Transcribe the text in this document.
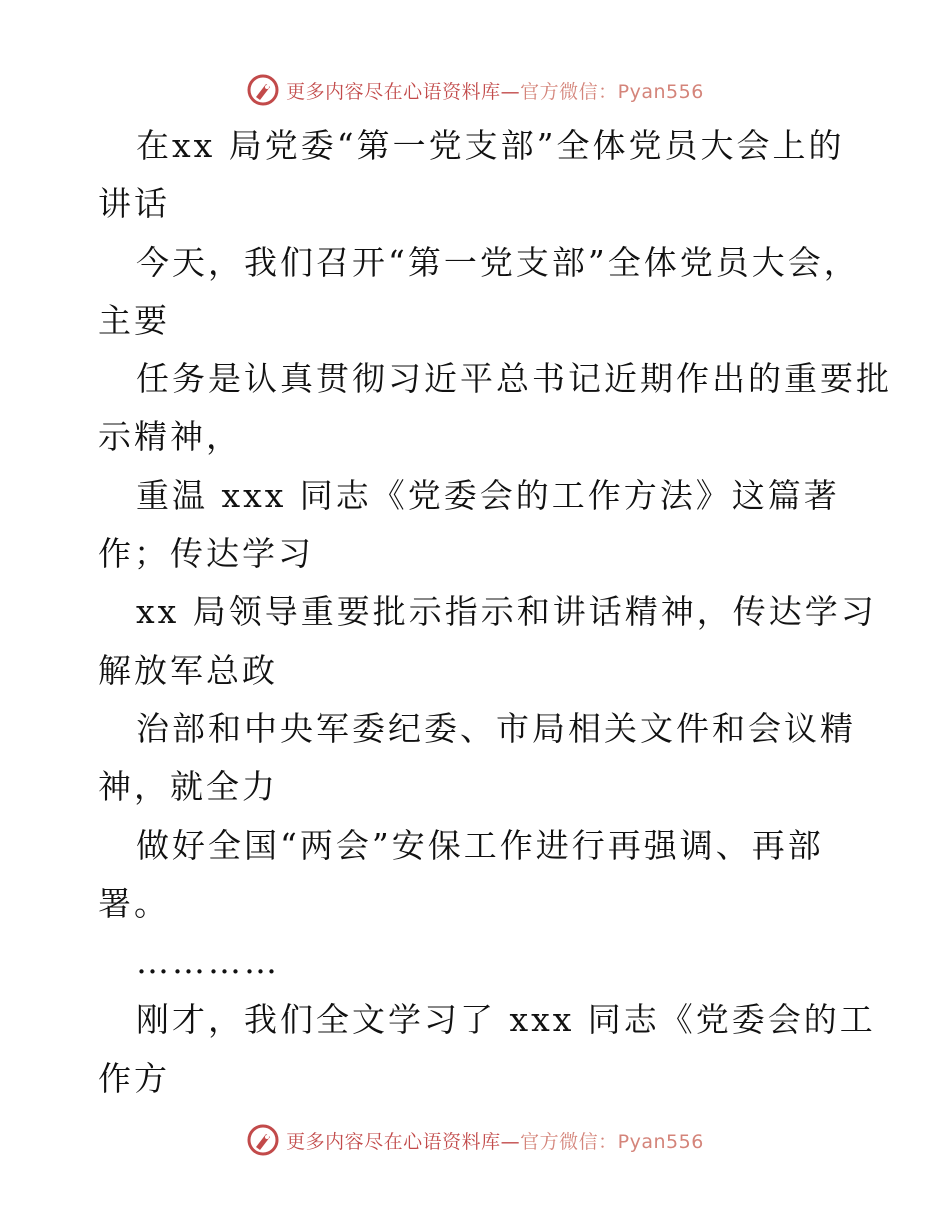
更多内容尽在心语资料库—官方微信：Pyan556
在xx 局党委“第一党支部”全体党员大会上的
讲话
今天，我们召开“第一党支部”全体党员大会，
主要
任务是认真贯彻习近平总书记近期作出的重要批
示精神，
重温 xxx 同志《党委会的工作方法》这篇著
作；传达学习
xx 局领导重要批示指示和讲话精神，传达学习
解放军总政
治部和中央军委纪委、市局相关文件和会议精
神，就全力
做好全国“两会”安保工作进行再强调、再部
署。
…………
刚才，我们全文学习了 xxx 同志《党委会的工
作方
更多内容尽在心语资料库—官方微信：Pyan556
